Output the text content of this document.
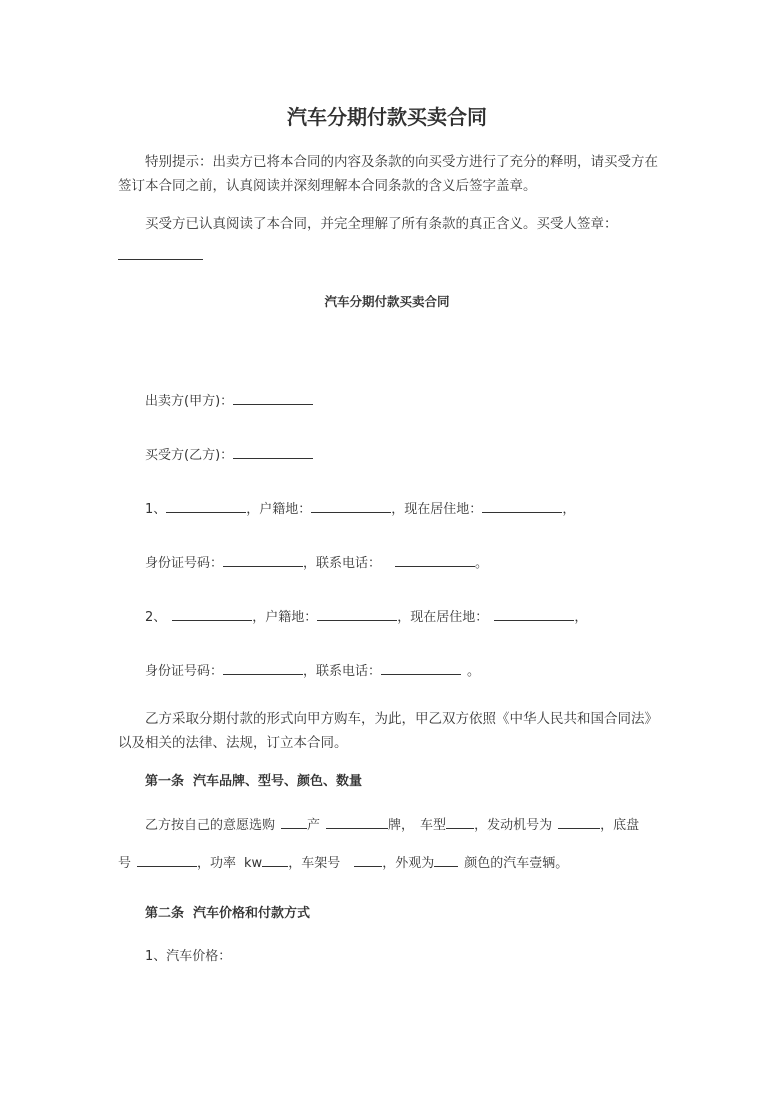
汽车分期付款买卖合同
特别提示：出卖方已将本合同的内容及条款的向买受方进行了充分的释明，请买受方在
签订本合同之前，认真阅读并深刻理解本合同条款的含义后签字盖章。
买受方已认真阅读了本合同，并完全理解了所有条款的真正含义。买受人签章：
汽车分期付款买卖合同
出卖方(甲方)：
买受方(乙方)：
1、	，户籍地：	，现在居住地：	，
身份证号码：	，联系电话：	。
2、	，户籍地：	，现在居住地：	，
身份证号码：	，联系电话：	。
乙方采取分期付款的形式向甲方购车，为此，甲乙双方依照《中华人民共和国合同法》
以及相关的法律、法规，订立本合同。
第一条  汽车品牌、型号、颜色、数量
乙方按自己的意愿选购 产	牌， 车型 ，发动机号为	，底盘
号	，功率 kw ，车架号	，外观为 颜色的汽车壹辆。
第二条  汽车价格和付款方式
1、汽车价格：
